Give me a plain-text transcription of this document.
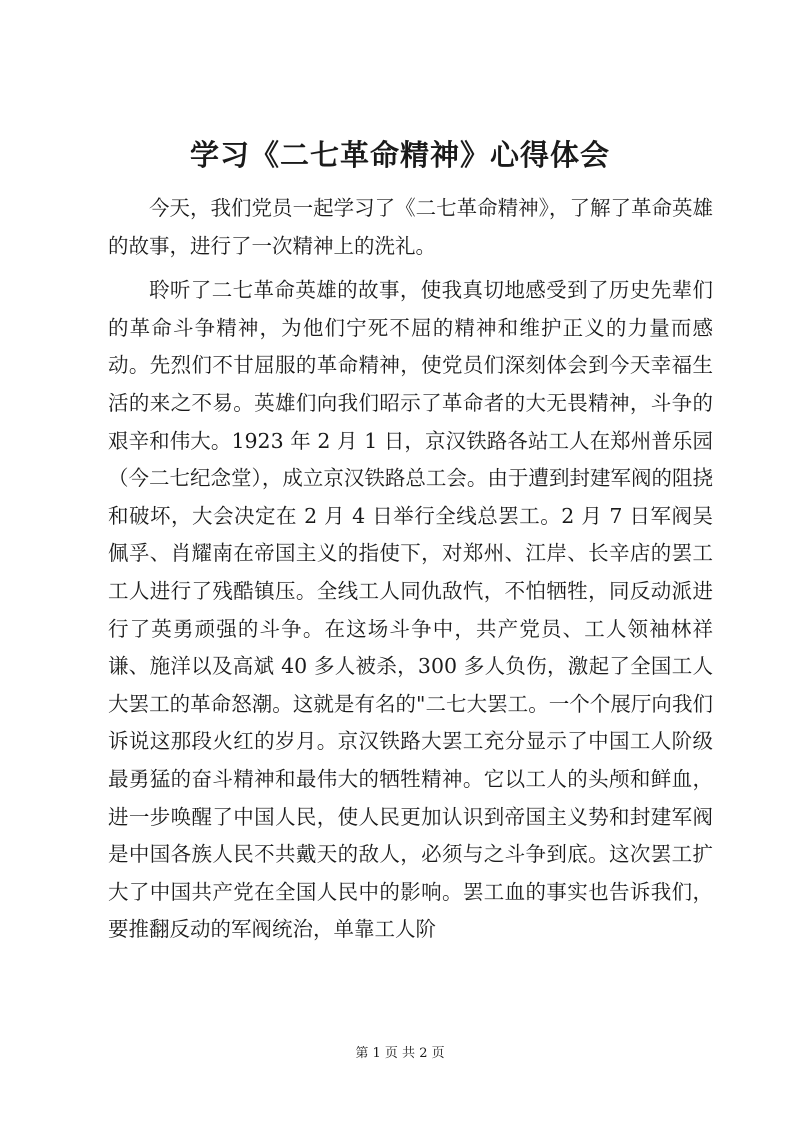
学习《二七革命精神》心得体会

今天，我们党员一起学习了《二七革命精神》，了解了革命英雄的故事，进行了一次精神上的洗礼。

聆听了二七革命英雄的故事，使我真切地感受到了历史先辈们的革命斗争精神，为他们宁死不屈的精神和维护正义的力量而感动。先烈们不甘屈服的革命精神，使党员们深刻体会到今天幸福生活的来之不易。英雄们向我们昭示了革命者的大无畏精神，斗争的艰辛和伟大。1923 年 2 月 1 日，京汉铁路各站工人在郑州普乐园（今二七纪念堂），成立京汉铁路总工会。由于遭到封建军阀的阻挠和破坏，大会决定在 2 月 4 日举行全线总罢工。2 月 7 日军阀吴佩孚、肖耀南在帝国主义的指使下，对郑州、江岸、长辛店的罢工工人进行了残酷镇压。全线工人同仇敌忾，不怕牺牲，同反动派进行了英勇顽强的斗争。在这场斗争中，共产党员、工人领袖林祥谦、施洋以及高斌 40 多人被杀，300 多人负伤，激起了全国工人大罢工的革命怒潮。这就是有名的"二七大罢工。一个个展厅向我们诉说这那段火红的岁月。京汉铁路大罢工充分显示了中国工人阶级最勇猛的奋斗精神和最伟大的牺牲精神。它以工人的头颅和鲜血，进一步唤醒了中国人民，使人民更加认识到帝国主义势和封建军阀是中国各族人民不共戴天的敌人，必须与之斗争到底。这次罢工扩大了中国共产党在全国人民中的影响。罢工血的事实也告诉我们，要推翻反动的军阀统治，单靠工人阶

第 1 页 共 2 页
